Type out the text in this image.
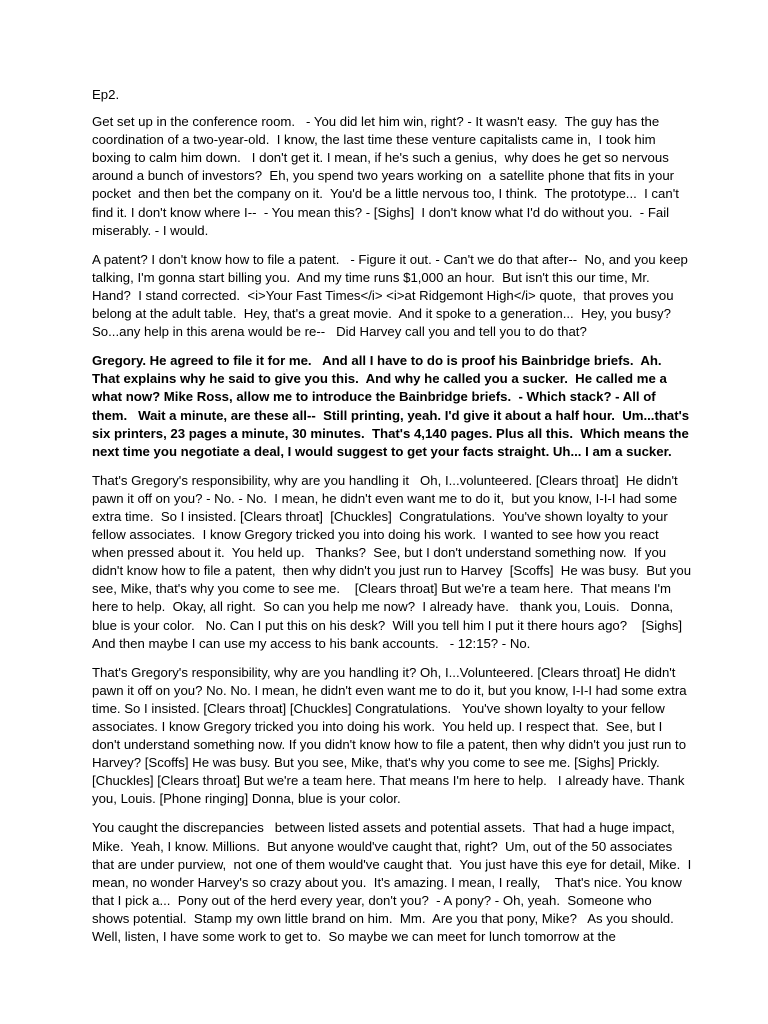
Ep2.

Get set up in the conference room.   - You did let him win, right? - It wasn't easy.  The guy has the coordination of a two-year-old.  I know, the last time these venture capitalists came in,  I took him boxing to calm him down.   I don't get it. I mean, if he's such a genius,  why does he get so nervous around a bunch of investors?  Eh, you spend two years working on  a satellite phone that fits in your pocket  and then bet the company on it.  You'd be a little nervous too, I think.  The prototype...  I can't find it. I don't know where I--  - You mean this? - [Sighs]  I don't know what I'd do without you.  - Fail miserably. - I would.

A patent? I don't know how to file a patent.   - Figure it out. - Can't we do that after--  No, and you keep talking, I'm gonna start billing you.  And my time runs $1,000 an hour.  But isn't this our time, Mr. Hand?  I stand corrected.  <i>Your Fast Times</i> <i>at Ridgemont High</i> quote,  that proves you belong at the adult table.  Hey, that's a great movie.  And it spoke to a generation...  Hey, you busy?  So...any help in this arena would be re--   Did Harvey call you and tell you to do that?

Gregory. He agreed to file it for me.   And all I have to do is proof his Bainbridge briefs.  Ah. That explains why he said to give you this.  And why he called you a sucker.  He called me a what now? Mike Ross, allow me to introduce the Bainbridge briefs.  - Which stack? - All of them.   Wait a minute, are these all--  Still printing, yeah. I'd give it about a half hour.  Um...that's six printers, 23 pages a minute, 30 minutes.  That's 4,140 pages. Plus all this.  Which means the next time you negotiate a deal, I would suggest to get your facts straight. Uh... I am a sucker.

That's Gregory's responsibility, why are you handling it   Oh, I...volunteered. [Clears throat]  He didn't pawn it off on you? - No. - No.  I mean, he didn't even want me to do it,  but you know, I-I-I had some extra time.  So I insisted. [Clears throat]  [Chuckles]  Congratulations.  You've shown loyalty to your fellow associates.  I know Gregory tricked you into doing his work.  I wanted to see how you react when pressed about it.  You held up.   Thanks?  See, but I don't understand something now.  If you didn't know how to file a patent,  then why didn't you just run to Harvey  [Scoffs]  He was busy.  But you see, Mike, that's why you come to see me.    [Clears throat] But we're a team here.  That means I'm here to help.  Okay, all right.  So can you help me now?  I already have.   thank you, Louis.   Donna, blue is your color.   No. Can I put this on his desk?  Will you tell him I put it there hours ago?    [Sighs] And then maybe I can use my access to his bank accounts.   - 12:15? - No.

That's Gregory's responsibility, why are you handling it? Oh, I...Volunteered. [Clears throat] He didn't pawn it off on you? No. No. I mean, he didn't even want me to do it, but you know, I-I-I had some extra time. So I insisted. [Clears throat] [Chuckles] Congratulations.   You've shown loyalty to your fellow associates. I know Gregory tricked you into doing his work.  You held up. I respect that.  See, but I don't understand something now. If you didn't know how to file a patent, then why didn't you just run to Harvey? [Scoffs] He was busy. But you see, Mike, that's why you come to see me. [Sighs] Prickly. [Chuckles] [Clears throat] But we're a team here. That means I'm here to help.   I already have. Thank you, Louis. [Phone ringing] Donna, blue is your color.

You caught the discrepancies   between listed assets and potential assets.  That had a huge impact, Mike.  Yeah, I know. Millions.  But anyone would've caught that, right?  Um, out of the 50 associates that are under purview,  not one of them would've caught that.  You just have this eye for detail, Mike.  I mean, no wonder Harvey's so crazy about you.  It's amazing. I mean, I really,    That's nice. You know that I pick a...  Pony out of the herd every year, don't you?  - A pony? - Oh, yeah.  Someone who shows potential.  Stamp my own little brand on him.  Mm.  Are you that pony, Mike?   As you should.  Well, listen, I have some work to get to.  So maybe we can meet for lunch tomorrow at the
